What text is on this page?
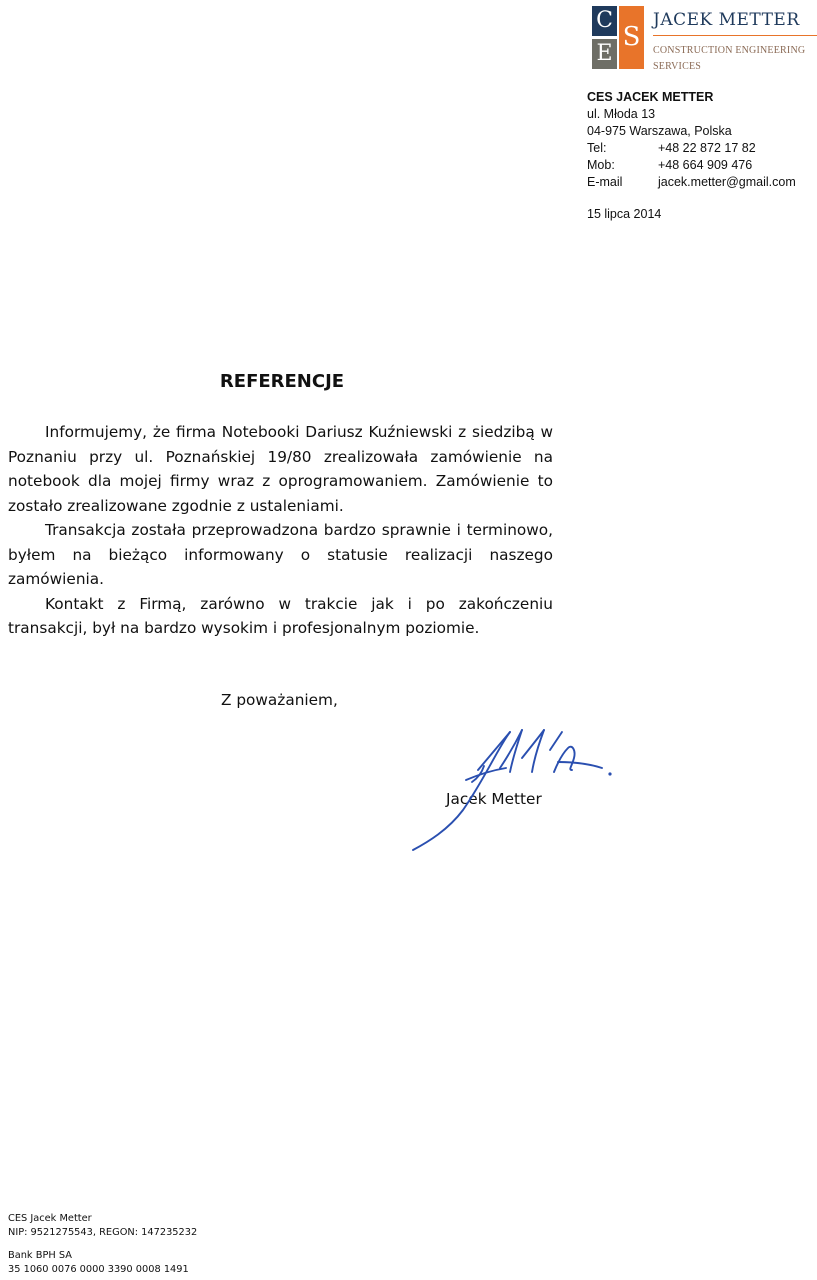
C
S
E
JACEK METTER
CONSTRUCTION ENGINEERING
SERVICES
CES JACEK METTER
ul. Młoda 13
04-975 Warszawa, Polska
Tel:	+48 22 872 17 82
Mob:	+48 664 909 476
E-mail	jacek.metter@gmail.com
15 lipca 2014
REFERENCJE

Informujemy, że firma Notebooki Dariusz Kuźniewski z siedzibą w Poznaniu przy ul. Poznańskiej 19/80 zrealizowała zamówienie na notebook dla mojej firmy wraz z oprogramowaniem. Zamówienie to zostało zrealizowane zgodnie z ustaleniami.

Transakcja została przeprowadzona bardzo sprawnie i terminowo, byłem na bieżąco informowany o statusie realizacji naszego zamówienia.

Kontakt z Firmą, zarówno w trakcie jak i po zakończeniu transakcji, był na bardzo wysokim i profesjonalnym poziomie.

Z poważaniem,
Jacek Metter
CES Jacek Metter
NIP: 9521275543, REGON: 147235232
Bank BPH SA
35 1060 0076 0000 3390 0008 1491
